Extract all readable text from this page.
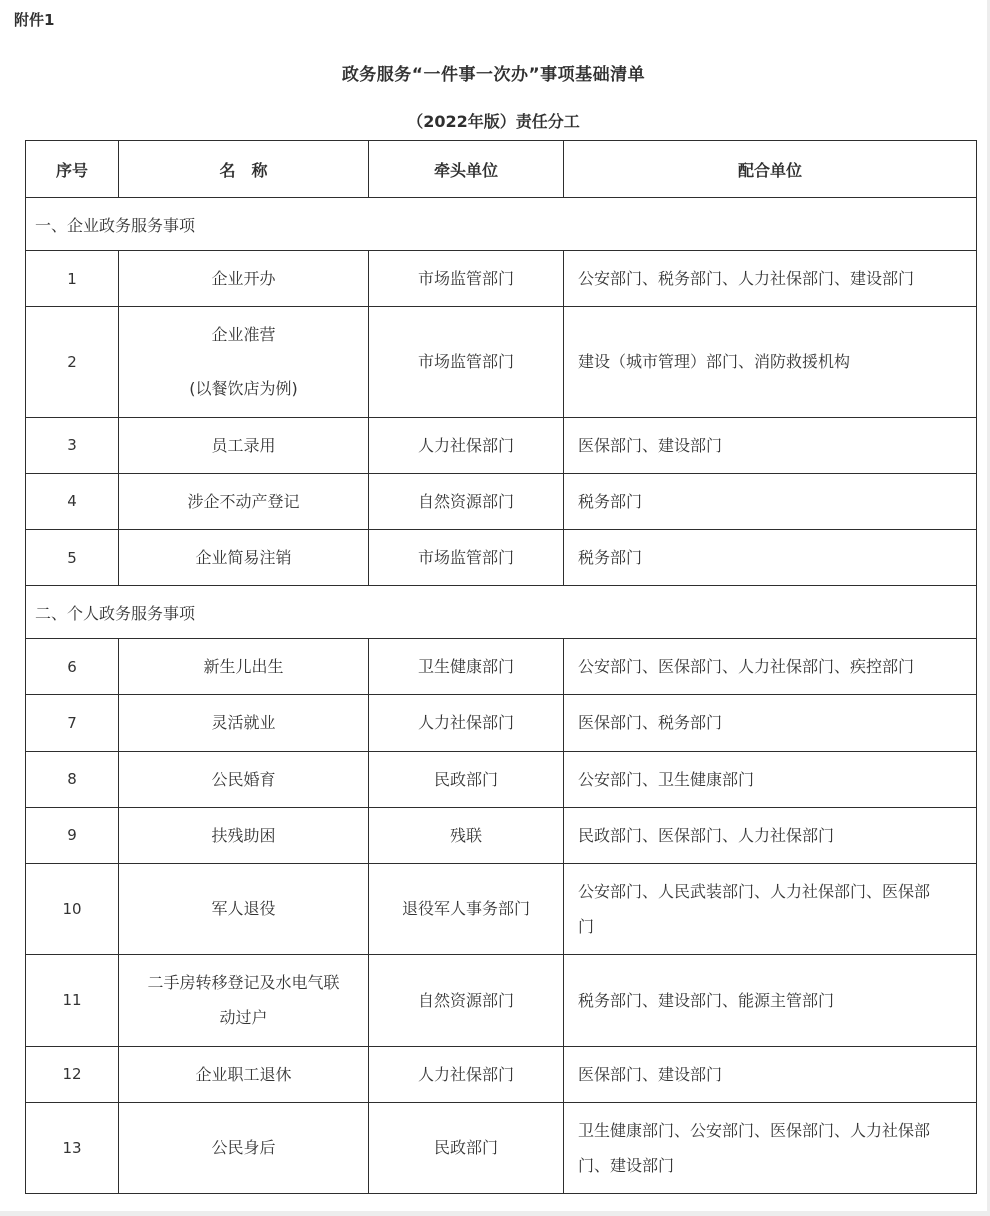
附件1
政务服务“一件事一次办”事项基础清单
（2022年版）责任分工
序号	名　称	牵头单位	配合单位
一、企业政务服务事项			
1	企业开办	市场监管部门	公安部门、税务部门、人力社保部门、建设部门

2	企业准营
(以餐饮店为例)	市场监管部门	建设（城市管理）部门、消防救援机构

3	员工录用	人力社保部门	医保部门、建设部门

4	涉企不动产登记	自然资源部门	税务部门

5	企业简易注销	市场监管部门	税务部门

二、个人政务服务事项			
6	新生儿出生	卫生健康部门	公安部门、医保部门、人力社保部门、疾控部门

7	灵活就业	人力社保部门	医保部门、税务部门

8	公民婚育	民政部门	公安部门、卫生健康部门

9	扶残助困	残联	民政部门、医保部门、人力社保部门

10	军人退役	退役军人事务部门	公安部门、人民武装部门、人力社保部门、医保部门

11	二手房转移登记及水电气联动过户	自然资源部门	税务部门、建设部门、能源主管部门

12	企业职工退休	人力社保部门	医保部门、建设部门

13	公民身后	民政部门	卫生健康部门、公安部门、医保部门、人力社保部门、建设部门
